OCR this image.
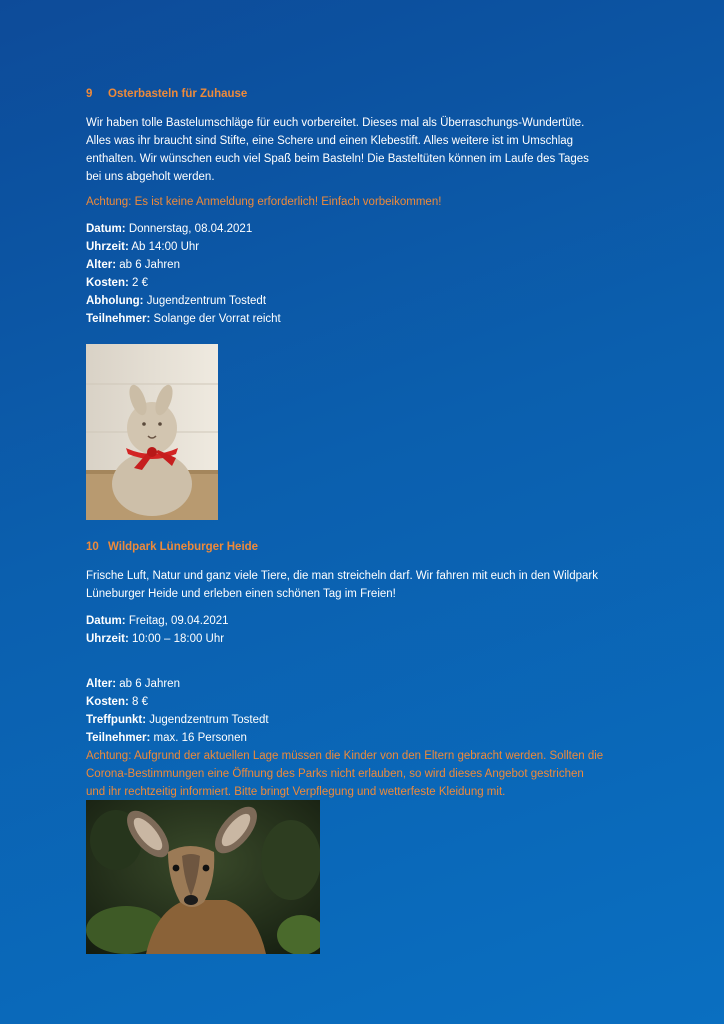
9 Osterbasteln für Zuhause
Wir haben tolle Bastelumschläge für euch vorbereitet. Dieses mal als Überraschungs-Wundertüte.
Alles was ihr braucht sind Stifte, eine Schere und einen Klebestift. Alles weitere ist im Umschlag
enthalten. Wir wünschen euch viel Spaß beim Basteln! Die Basteltüten können im Laufe des Tages
bei uns abgeholt werden.
Achtung: Es ist keine Anmeldung erforderlich! Einfach vorbeikommen!
Datum: Donnerstag, 08.04.2021
Uhrzeit: Ab 14:00 Uhr
Alter: ab 6 Jahren
Kosten: 2 €
Abholung: Jugendzentrum Tostedt
Teilnehmer: Solange der Vorrat reicht
10 Wildpark Lüneburger Heide
Frische Luft, Natur und ganz viele Tiere, die man streicheln darf. Wir fahren mit euch in den Wildpark
Lüneburger Heide und erleben einen schönen Tag im Freien!
Datum: Freitag, 09.04.2021
Uhrzeit: 10:00 – 18:00 Uhr
Alter: ab 6 Jahren
Kosten: 8 €
Treffpunkt: Jugendzentrum Tostedt
Teilnehmer: max. 16 Personen
Achtung: Aufgrund der aktuellen Lage müssen die Kinder von den Eltern gebracht werden. Sollten die
Corona-Bestimmungen eine Öffnung des Parks nicht erlauben, so wird dieses Angebot gestrichen
und ihr rechtzeitig informiert. Bitte bringt Verpflegung und wetterfeste Kleidung mit.
